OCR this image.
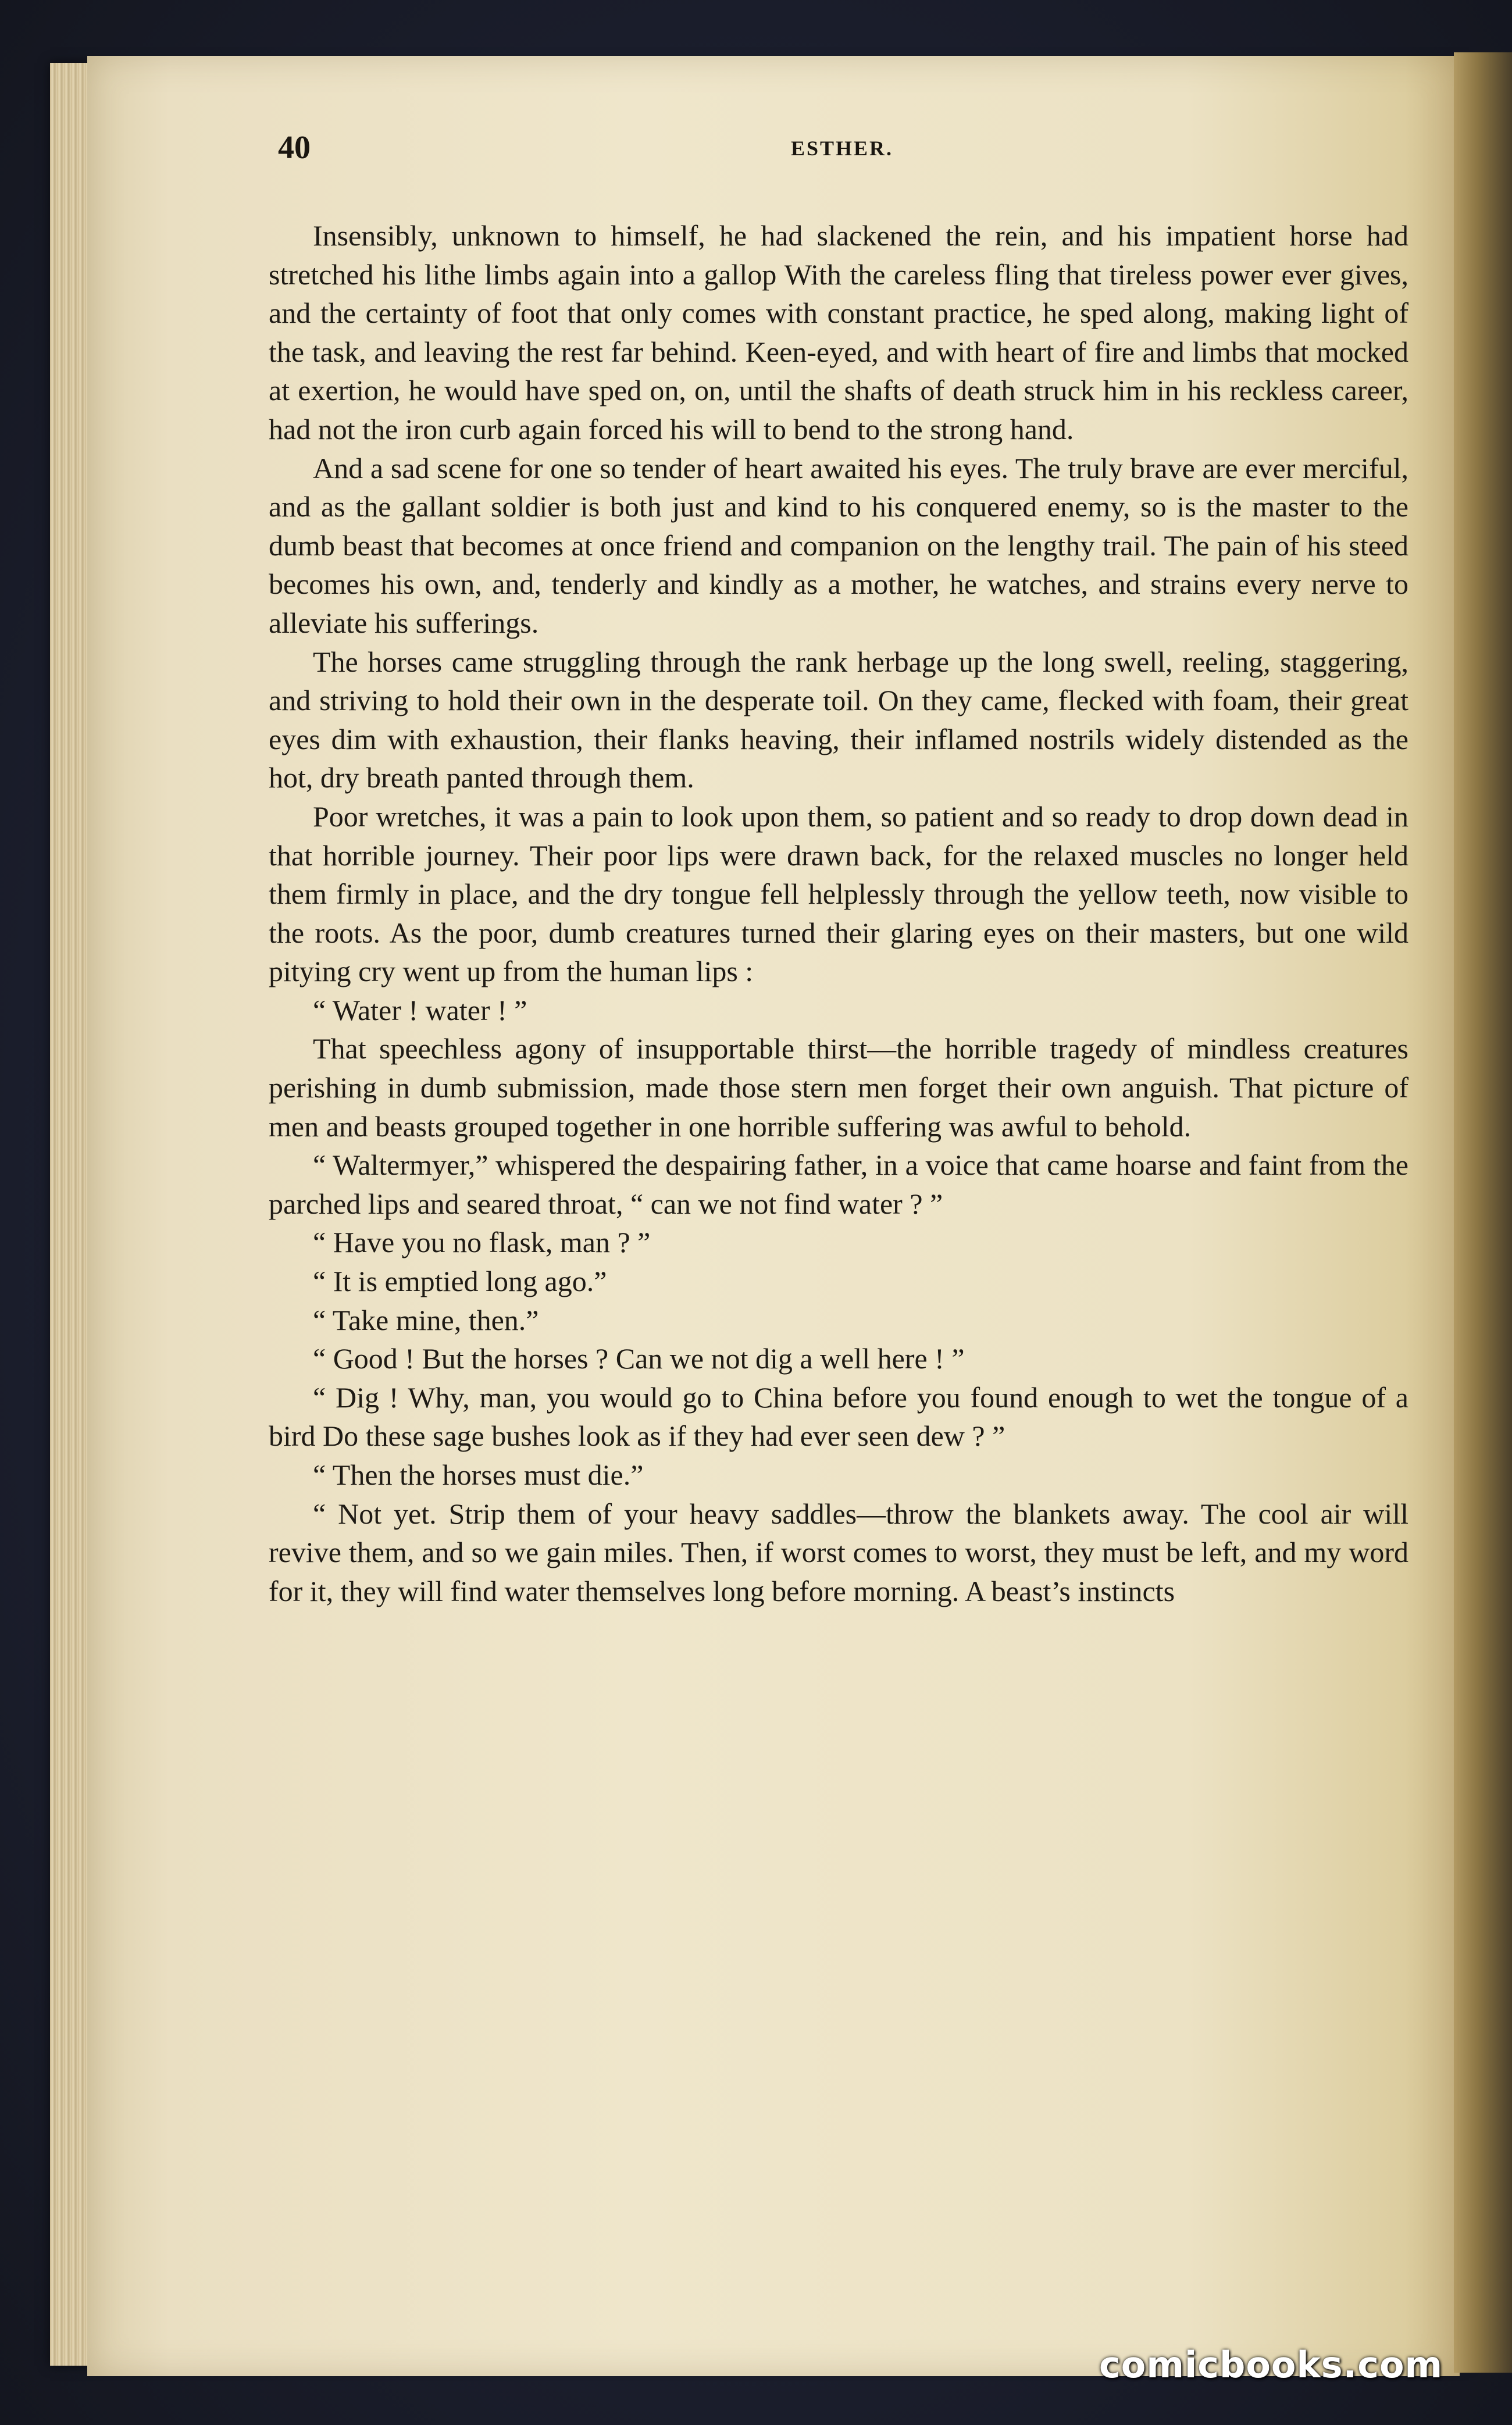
40	ESTHER.

Insensibly, unknown to himself, he had slackened the rein, and his impatient horse had stretched his lithe limbs again into a gallop With the careless fling that tireless power ever gives, and the certainty of foot that only comes with constant practice, he sped along, making light of the task, and leaving the rest far behind. Keen-eyed, and with heart of fire and limbs that mocked at exertion, he would have sped on, on, until the shafts of death struck him in his reckless career, had not the iron curb again forced his will to bend to the strong hand.

And a sad scene for one so tender of heart awaited his eyes. The truly brave are ever merciful, and as the gallant soldier is both just and kind to his conquered enemy, so is the master to the dumb beast that becomes at once friend and companion on the lengthy trail. The pain of his steed becomes his own, and, tenderly and kindly as a mother, he watches, and strains every nerve to alleviate his sufferings.

The horses came struggling through the rank herbage up the long swell, reeling, staggering, and striving to hold their own in the desperate toil. On they came, flecked with foam, their great eyes dim with exhaustion, their flanks heaving, their inflamed nostrils widely distended as the hot, dry breath panted through them.

Poor wretches, it was a pain to look upon them, so patient and so ready to drop down dead in that horrible journey. Their poor lips were drawn back, for the relaxed muscles no longer held them firmly in place, and the dry tongue fell helplessly through the yellow teeth, now visible to the roots. As the poor, dumb creatures turned their glaring eyes on their masters, but one wild pitying cry went up from the human lips :

“ Water ! water ! ”

That speechless agony of insupportable thirst—the horrible tragedy of mindless creatures perishing in dumb submission, made those stern men forget their own anguish. That picture of men and beasts grouped together in one horrible suffering was awful to behold.

“ Waltermyer,” whispered the despairing father, in a voice that came hoarse and faint from the parched lips and seared throat, “ can we not find water ? ”

“ Have you no flask, man ? ”

“ It is emptied long ago.”

“ Take mine, then.”

“ Good ! But the horses ? Can we not dig a well here ! ”

“ Dig ! Why, man, you would go to China before you found enough to wet the tongue of a bird Do these sage bushes look as if they had ever seen dew ? ”

“ Then the horses must die.”

“ Not yet. Strip them of your heavy saddles—throw the blankets away. The cool air will revive them, and so we gain miles. Then, if worst comes to worst, they must be left, and my word for it, they will find water themselves long before morning. A beast’s instincts

comicbooks.com
